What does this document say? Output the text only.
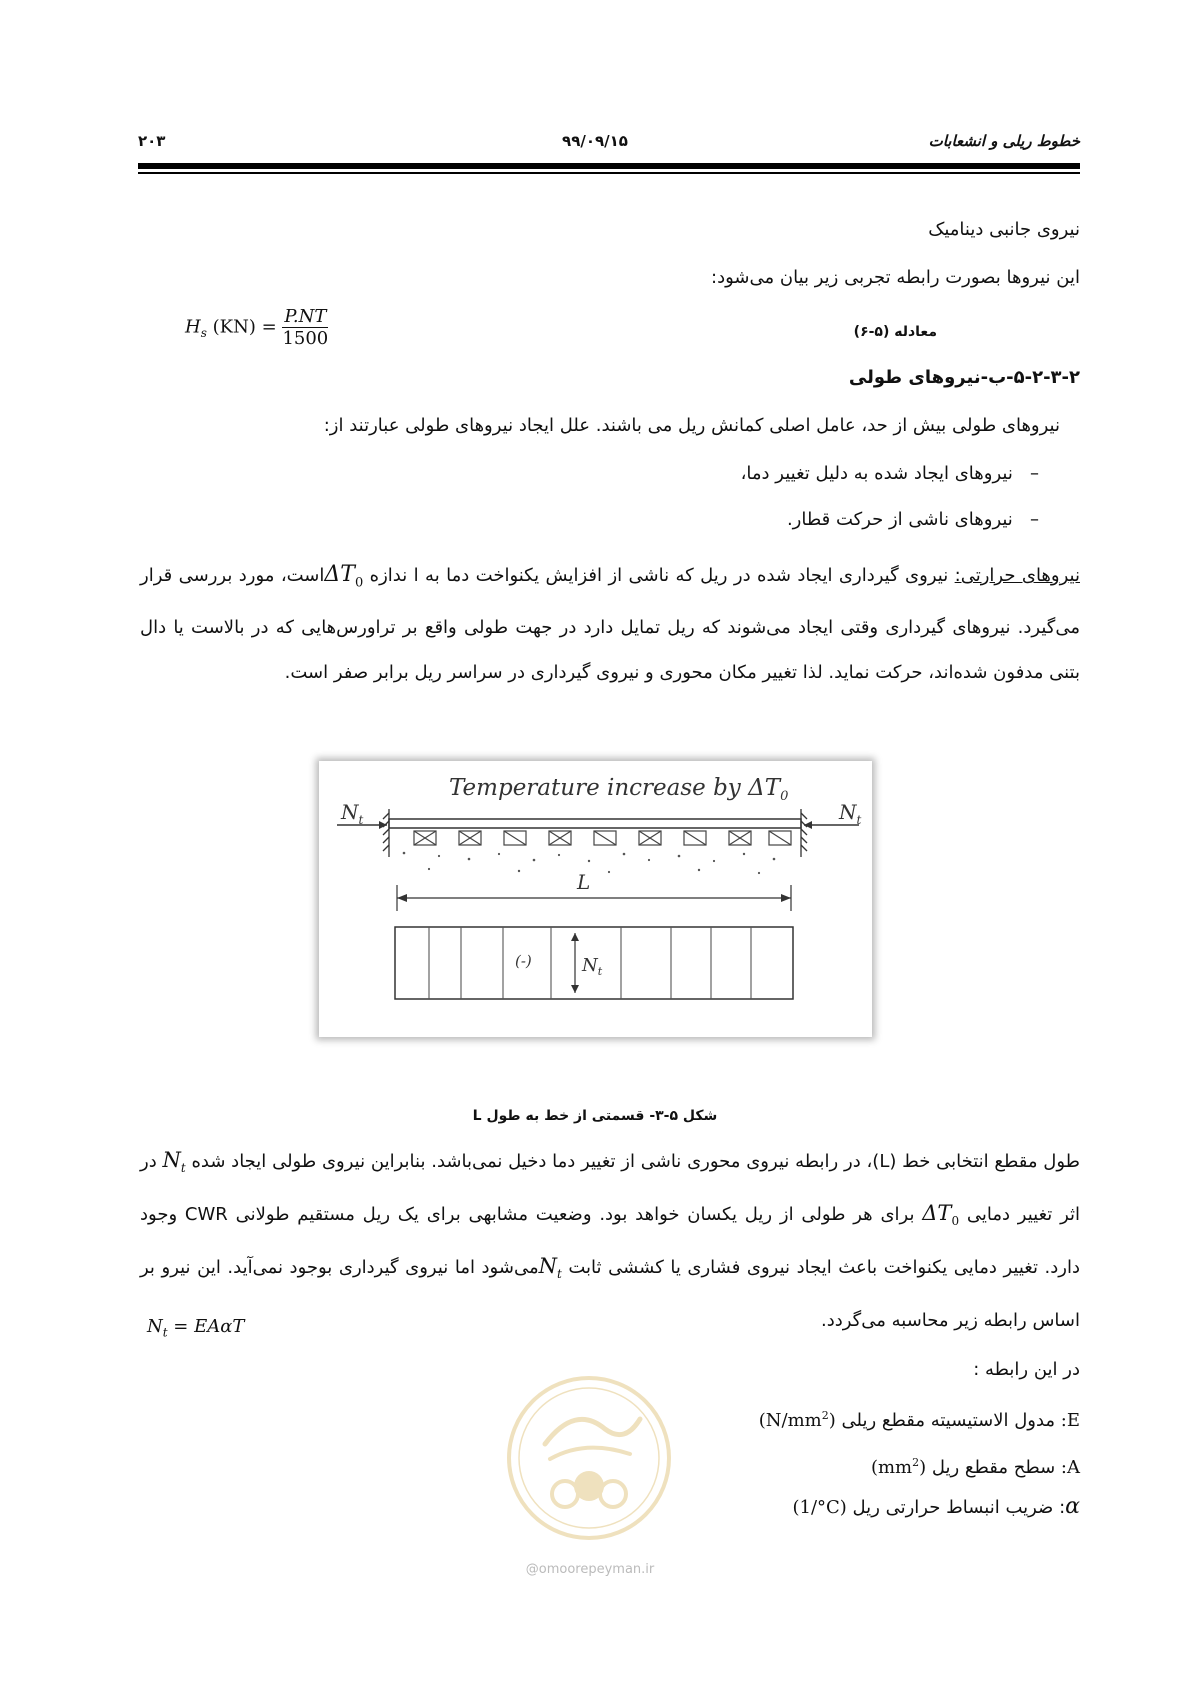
۲۰۳	۹۹/۰۹/۱۵	خطوط ریلی و انشعابات
نیروی جانبی دینامیک
این نیروها بصورت رابطه تجربی زیر بیان می‌شود:
$H_s$ $(KN) = \frac{P.NT}{1500}$	معادله (۵-۶)
۵-۲-۳-۲-ب-نیروهای طولی
نیروهای طولی بیش از حد، عامل اصلی کمانش ریل می باشند. علل ایجاد نیروهای طولی عبارتند از:
–   نیروهای ایجاد شده به دلیل تغییر دما،
–   نیروهای ناشی از حرکت قطار.
نیروهای حرارتی: نیروی گیرداری ایجاد شده در ریل که ناشی از افزایش یکنواخت دما به ا ندازه $\Delta T_0است،$ مورد بررسی قرار می‌گیرد. نیروهای گیرداری وقتی ایجاد می‌شوند که ریل تمایل دارد در جهت طولی واقع بر تراورس‌هایی که در بالاست یا دال بتنی مدفون شده‌اند، حرکت نماید. لذا تغییر مکان محوری و نیروی گیرداری در سراسر ریل برابر صفر است.
Temperature increase by $\Delta T_0$
$N_t$	$N_t$
L
(-)	$N_t$
شکل ۵-۳- قسمتی از خط به طول L
طول مقطع انتخابی خط (L)، در رابطه نیروی محوری ناشی از تغییر دما دخیل نمی‌باشد. بنابراین نیروی طولی ایجاد شده $N_t$ در اثر تغییر دمایی $\Delta T_0$ برای هر طولی از ریل یکسان خواهد بود. وضعیت مشابهی برای یک ریل مستقیم طولانی CWR وجود دارد. تغییر دمایی یکنواخت باعث ایجاد نیروی فشاری یا کششی ثابت $N_tمی‌شود$ اما نیروی گیرداری بوجود نمی‌آید. این نیرو بر اساس رابطه زیر محاسبه می‌گردد.
$N_t = EA\alpha T$
در این رابطه :
E: مدول الاستیسیته مقطع ریلی $(N/mm^2)$
A: سطح مقطع ریل $(mm^2)$
α: ضریب انبساط حرارتی ریل (1/°C)
@omoorepeyman.ir
